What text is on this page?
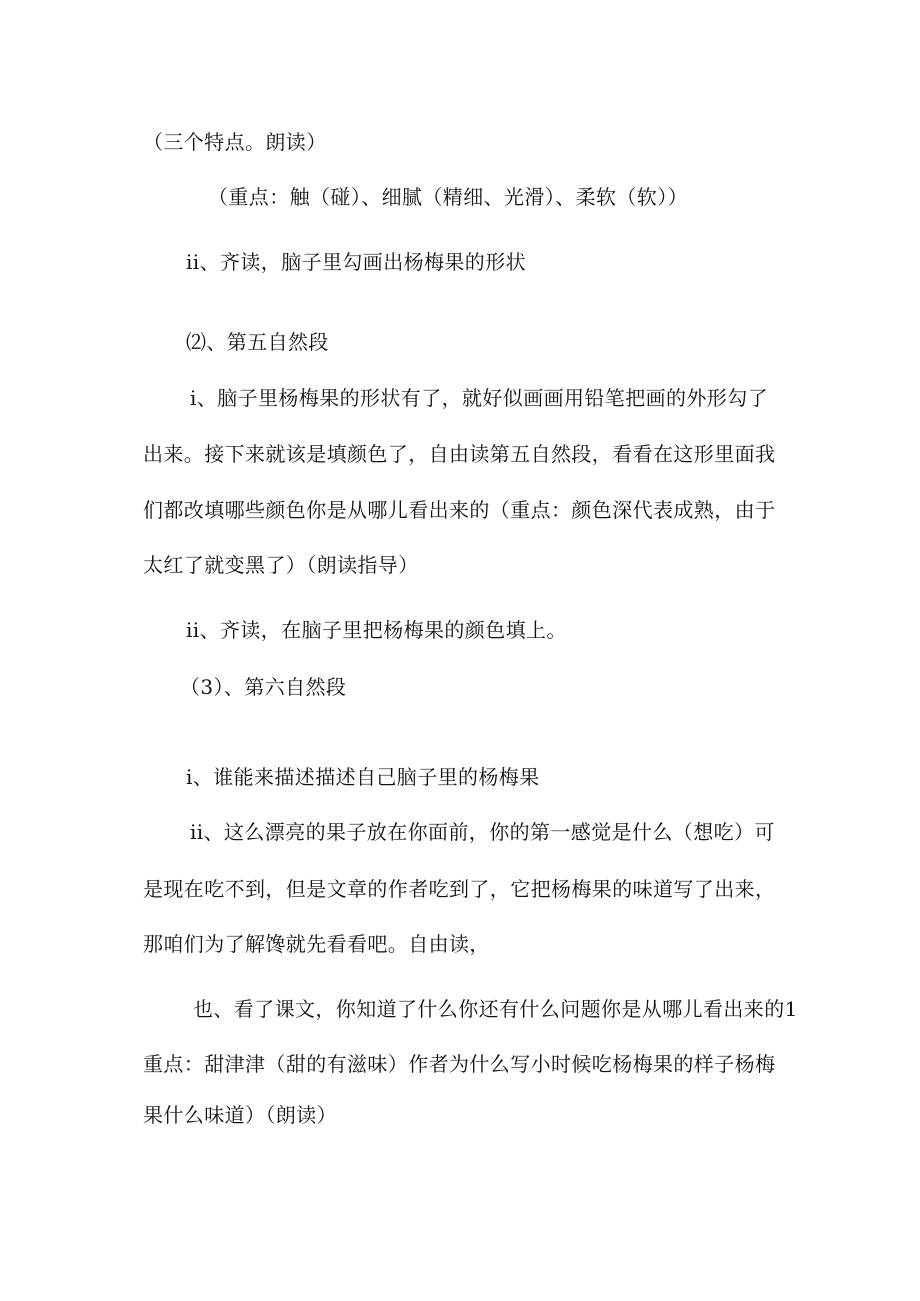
（三个特点。朗读）
（重点：触（碰）、细腻（精细、光滑）、柔软（软））
ii、齐读，脑子里勾画出杨梅果的形状
⑵、第五自然段
i、脑子里杨梅果的形状有了，就好似画画用铅笔把画的外形勾了
出来。接下来就该是填颜色了，自由读第五自然段，看看在这形里面我
们都改填哪些颜色你是从哪儿看出来的（重点：颜色深代表成熟，由于
太红了就变黑了）（朗读指导）
ii、齐读，在脑子里把杨梅果的颜色填上。
（3）、第六自然段
i、谁能来描述描述自己脑子里的杨梅果
ii、这么漂亮的果子放在你面前，你的第一感觉是什么（想吃）可
是现在吃不到，但是文章的作者吃到了，它把杨梅果的味道写了出来，
那咱们为了解馋就先看看吧。自由读，
也、看了课文，你知道了什么你还有什么问题你是从哪儿看出来的1
重点：甜津津（甜的有滋味）作者为什么写小时候吃杨梅果的样子杨梅
果什么味道）（朗读）
